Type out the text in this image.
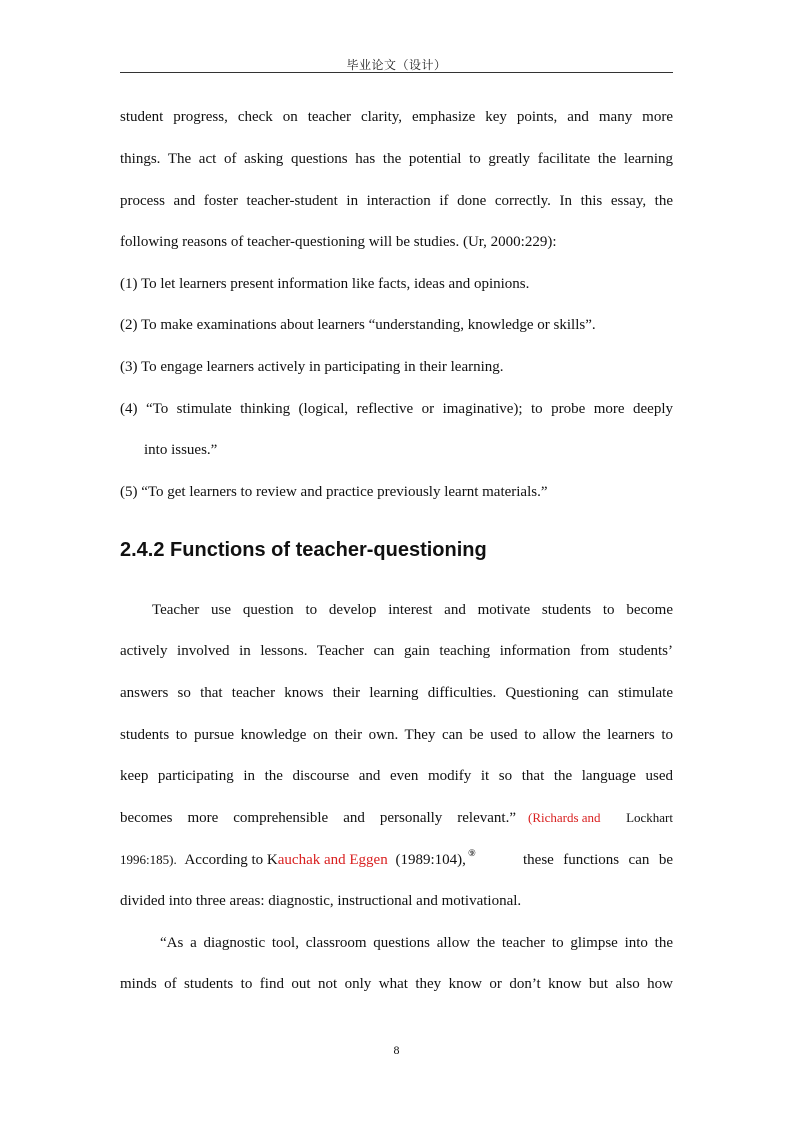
毕业论文（设计）
student progress, check on teacher clarity, emphasize key points, and many more
things. The act of asking questions has the potential to greatly facilitate the learning
process and foster teacher-student in interaction if done correctly. In this essay, the
following reasons of teacher-questioning will be studies. (Ur, 2000:229):
(1) To let learners present information like facts, ideas and opinions.
(2) To make examinations about learners “understanding, knowledge or skills”.
(3) To engage learners actively in participating in their learning.
(4) “To stimulate thinking (logical, reflective or imaginative); to probe more deeply
into issues.”
(5) “To get learners to review and practice previously learnt materials.”
2.4.2 Functions of teacher-questioning
Teacher use question to develop interest and motivate students to become
actively involved in lessons. Teacher can gain teaching information from students’
answers so that teacher knows their learning difficulties. Questioning can stimulate
students to pursue knowledge on their own. They can be used to allow the learners to
keep participating in the discourse and even modify it so that the language used
becomes more comprehensible and personally relevant.” (Richards and Lockhart
1996:185). According to Kauchak and Eggen (1989:104), ⑨	these functions can be
divided into three areas: diagnostic, instructional and motivational.
“As a diagnostic tool, classroom questions allow the teacher to glimpse into the
minds of students to find out not only what they know or don’t know but also how
8
